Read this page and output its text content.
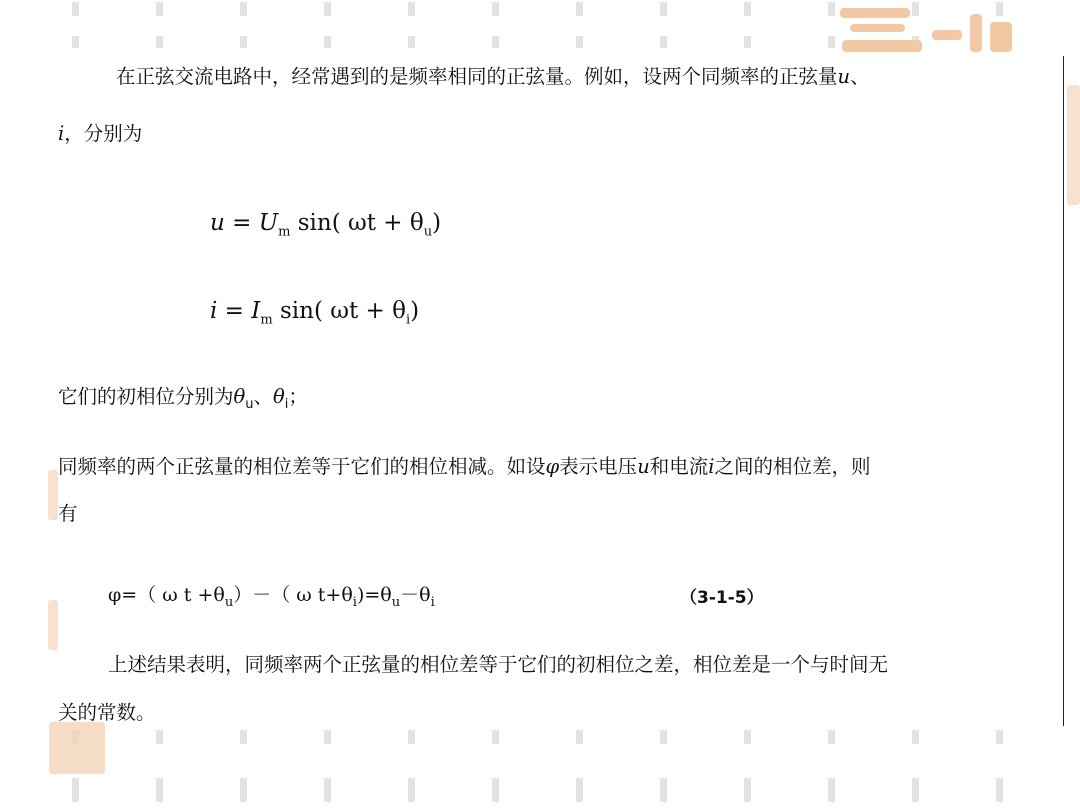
在正弦交流电路中，经常遇到的是频率相同的正弦量。例如，设两个同频率的正弦量u、
i，分别为
$u = U_m$ sin( $\omega t + \theta_u$)
$i = I_m$ sin( $\omega t + \theta_i$)
它们的初相位分别为$\theta_u$、$\theta_i$；
同频率的两个正弦量的相位差等于它们的相位相减。如设φ表示电压u和电流i之间的相位差，则
有
φ=（ ω $t +\theta_u)-$（ ω $t+\theta_i)=\theta_u-\theta_i$	（3-1-5）
上述结果表明，同频率两个正弦量的相位差等于它们的初相位之差，相位差是一个与时间无
关的常数。
